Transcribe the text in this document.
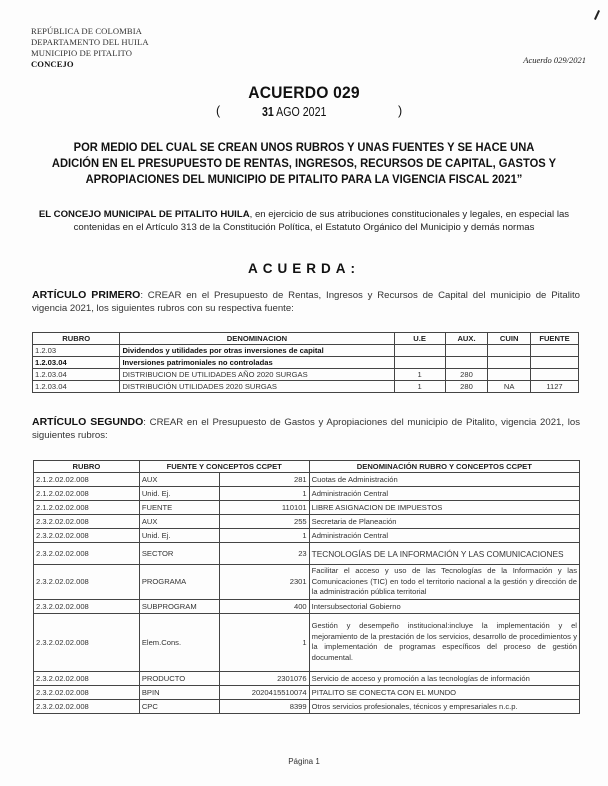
REPÚBLICA DE COLOMBIA
DEPARTAMENTO DEL HUILA
MUNICIPIO DE PITALITO
CONCEJO	Acuerdo 029/2021
ACUERDO 029
(	31 AGO 2021	)
POR MEDIO DEL CUAL SE CREAN UNOS RUBROS Y UNAS FUENTES Y SE HACE UNA ADICIÓN EN EL PRESUPUESTO DE RENTAS, INGRESOS, RECURSOS DE CAPITAL, GASTOS Y APROPIACIONES DEL MUNICIPIO DE PITALITO PARA LA VIGENCIA FISCAL 2021”
EL CONCEJO MUNICIPAL DE PITALITO HUILA, en ejercicio de sus atribuciones constitucionales y legales, en especial las contenidas en el Artículo 313 de la Constitución Política, el Estatuto Orgánico del Municipio y demás normas
ACUERDA:
ARTÍCULO PRIMERO: CREAR en el Presupuesto de Rentas, Ingresos y Recursos de Capital del municipio de Pitalito vigencia 2021, los siguientes rubros con su respectiva fuente:
RUBRO	DENOMINACION	U.E	AUX.	CUIN	FUENTE
1.2.03	Dividendos y utilidades por otras inversiones de capital				
1.2.03.04	Inversiones patrimoniales no controladas				
1.2.03.04	DISTRIBUCION DE UTILIDADES AÑO 2020 SURGAS	1	280		
1.2.03.04	DISTRIBUCIÓN UTILIDADES 2020 SURGAS	1	280	NA	1127
ARTÍCULO SEGUNDO: CREAR en el Presupuesto de Gastos y Apropiaciones del municipio de Pitalito, vigencia 2021, los siguientes rubros:
RUBRO	FUENTE Y CONCEPTOS CCPET		DENOMINACIÓN RUBRO Y CONCEPTOS CCPET
2.1.2.02.02.008	AUX	281	Cuotas de Administración
2.1.2.02.02.008	Unid. Ej.	1	Administración Central
2.1.2.02.02.008	FUENTE	110101	LIBRE ASIGNACION DE IMPUESTOS
2.3.2.02.02.008	AUX	255	Secretaria de Planeación
2.3.2.02.02.008	Unid. Ej.	1	Administración Central
2.3.2.02.02.008	SECTOR	23	TECNOLOGÍAS DE LA INFORMACIÓN Y LAS COMUNICACIONES
2.3.2.02.02.008	PROGRAMA	2301	Facilitar el acceso y uso de las Tecnologías de la Información y las Comunicaciones (TIC) en todo el territorio nacional a la gestión y dirección de la administración pública territorial
2.3.2.02.02.008	SUBPROGRAM	400	Intersubsectorial Gobierno
2.3.2.02.02.008	Elem.Cons.	1	Gestión y desempeño institucional:incluye la implementación y el mejoramiento de la prestación de los servicios, desarrollo de procedimientos y la implementación de programas específicos del proceso de gestión documental.
2.3.2.02.02.008	PRODUCTO	2301076	Servicio de acceso y promoción a las tecnologías de información
2.3.2.02.02.008	BPIN	2020415510074	PITALITO SE CONECTA CON EL MUNDO
2.3.2.02.02.008	CPC	8399	Otros servicios profesionales, técnicos y empresariales n.c.p.
Página 1
